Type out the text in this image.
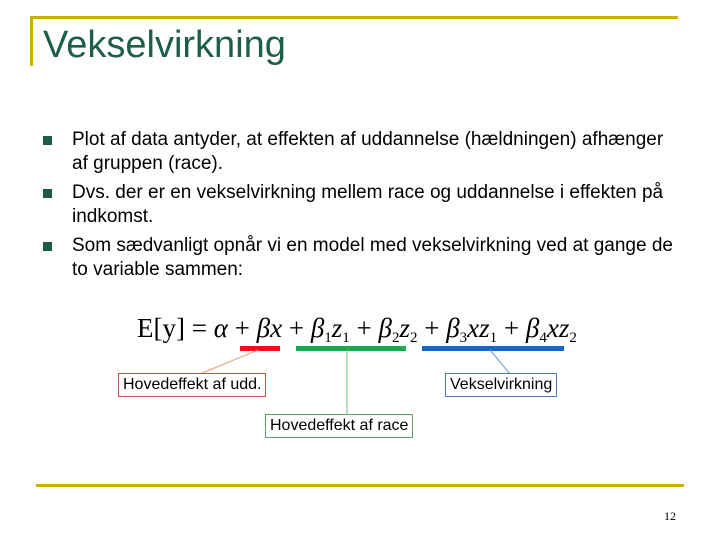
Vekselvirkning
Plot af data antyder, at effekten af uddannelse (hældningen) afhænger af gruppen (race).
Dvs. der er en vekselvirkning mellem race og uddannelse i effekten på indkomst.
Som sædvanligt opnår vi en model med vekselvirkning ved at gange de to variable sammen:
$E[y] = \alpha + \beta x + \beta_1z_1 + \beta_2z_2 + \beta_3xz_1 + \beta_4xz_2$
Hovedeffekt af udd.
Hovedeffekt af race
Vekselvirkning
12
